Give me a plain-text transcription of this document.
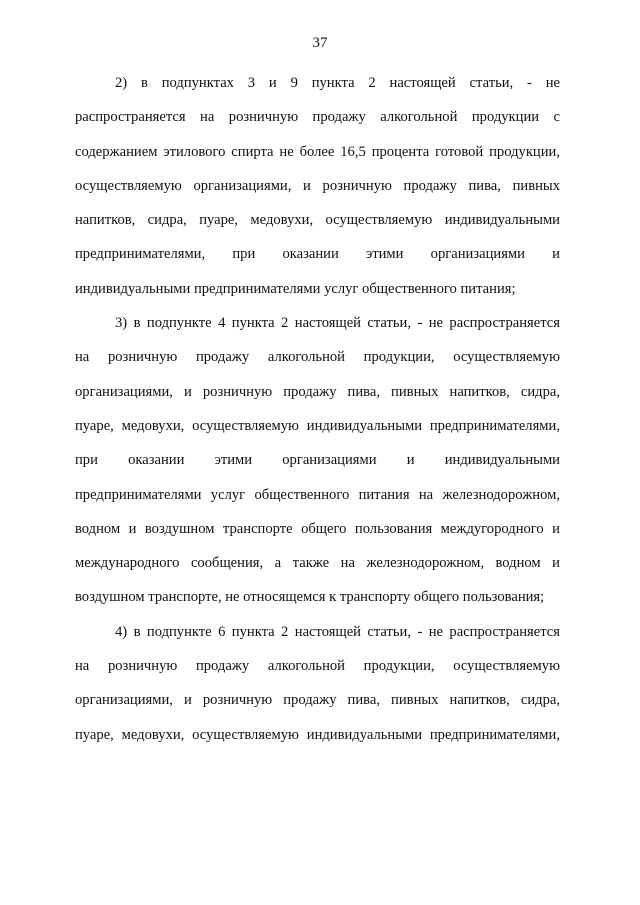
37
2) в подпунктах 3 и 9 пункта 2 настоящей статьи, - не
распространяется на розничную продажу алкогольной продукции с
содержанием этилового спирта не более 16,5 процента готовой продукции,
осуществляемую организациями, и розничную продажу пива, пивных
напитков, сидра, пуаре, медовухи, осуществляемую индивидуальными
предпринимателями, при оказании этими организациями и
индивидуальными предпринимателями услуг общественного питания;
3) в подпункте 4 пункта 2 настоящей статьи, - не распространяется
на розничную продажу алкогольной продукции, осуществляемую
организациями, и розничную продажу пива, пивных напитков, сидра,
пуаре, медовухи, осуществляемую индивидуальными предпринимателями,
при оказании этими организациями и индивидуальными
предпринимателями услуг общественного питания на железнодорожном,
водном и воздушном транспорте общего пользования междугородного и
международного сообщения, а также на железнодорожном, водном и
воздушном транспорте, не относящемся к транспорту общего пользования;
4) в подпункте 6 пункта 2 настоящей статьи, - не распространяется
на розничную продажу алкогольной продукции, осуществляемую
организациями, и розничную продажу пива, пивных напитков, сидра,
пуаре, медовухи, осуществляемую индивидуальными предпринимателями,
